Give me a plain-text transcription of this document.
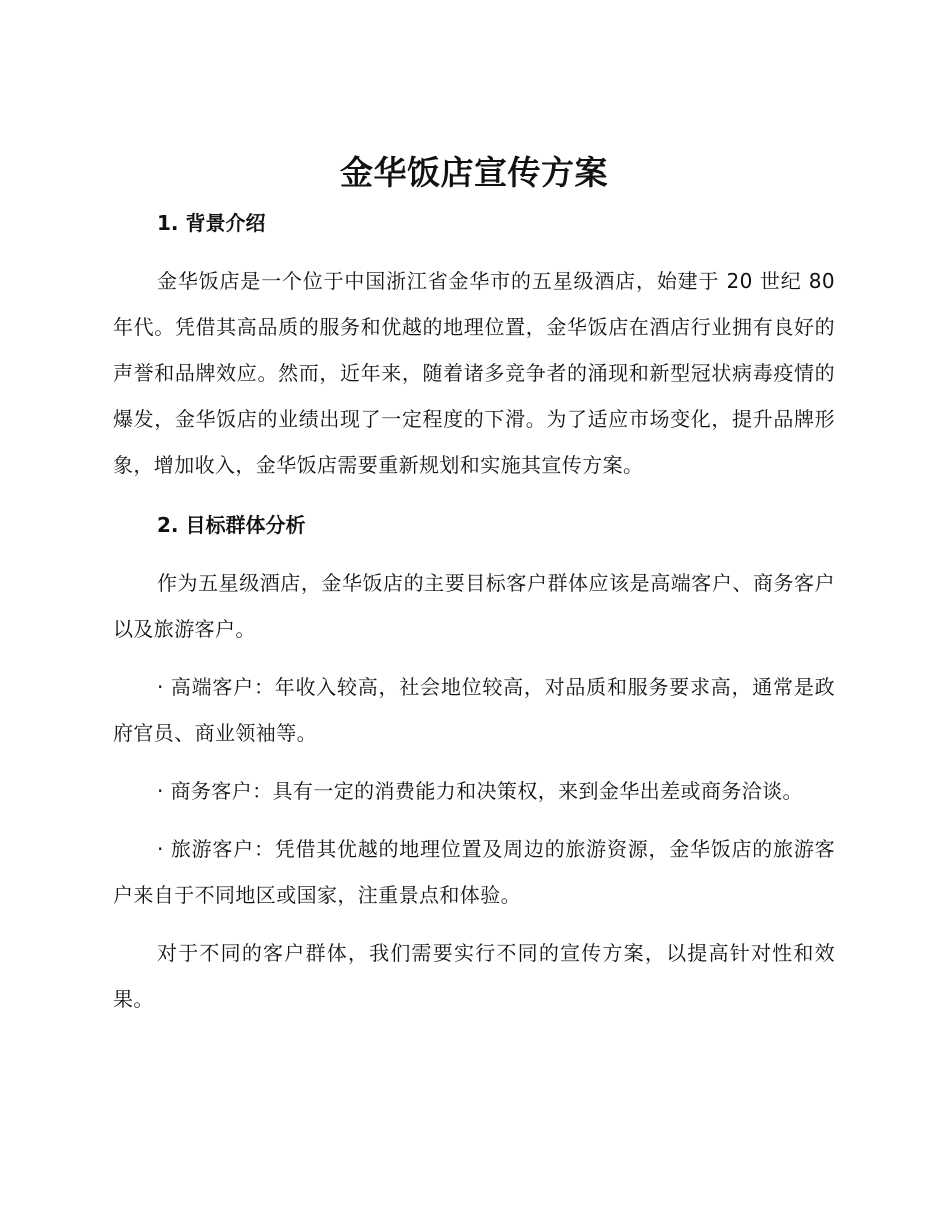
金华饭店宣传方案
1. 背景介绍

金华饭店是一个位于中国浙江省金华市的五星级酒店，始建于 20 世纪 80 年代。凭借其高品质的服务和优越的地理位置，金华饭店在酒店行业拥有良好的声誉和品牌效应。然而，近年来，随着诸多竞争者的涌现和新型冠状病毒疫情的爆发，金华饭店的业绩出现了一定程度的下滑。为了适应市场变化，提升品牌形象，增加收入，金华饭店需要重新规划和实施其宣传方案。

2. 目标群体分析

作为五星级酒店，金华饭店的主要目标客户群体应该是高端客户、商务客户以及旅游客户。

· 高端客户：年收入较高，社会地位较高，对品质和服务要求高，通常是政府官员、商业领袖等。

· 商务客户：具有一定的消费能力和决策权，来到金华出差或商务洽谈。

· 旅游客户：凭借其优越的地理位置及周边的旅游资源，金华饭店的旅游客户来自于不同地区或国家，注重景点和体验。

对于不同的客户群体，我们需要实行不同的宣传方案，以提高针对性和效果。
